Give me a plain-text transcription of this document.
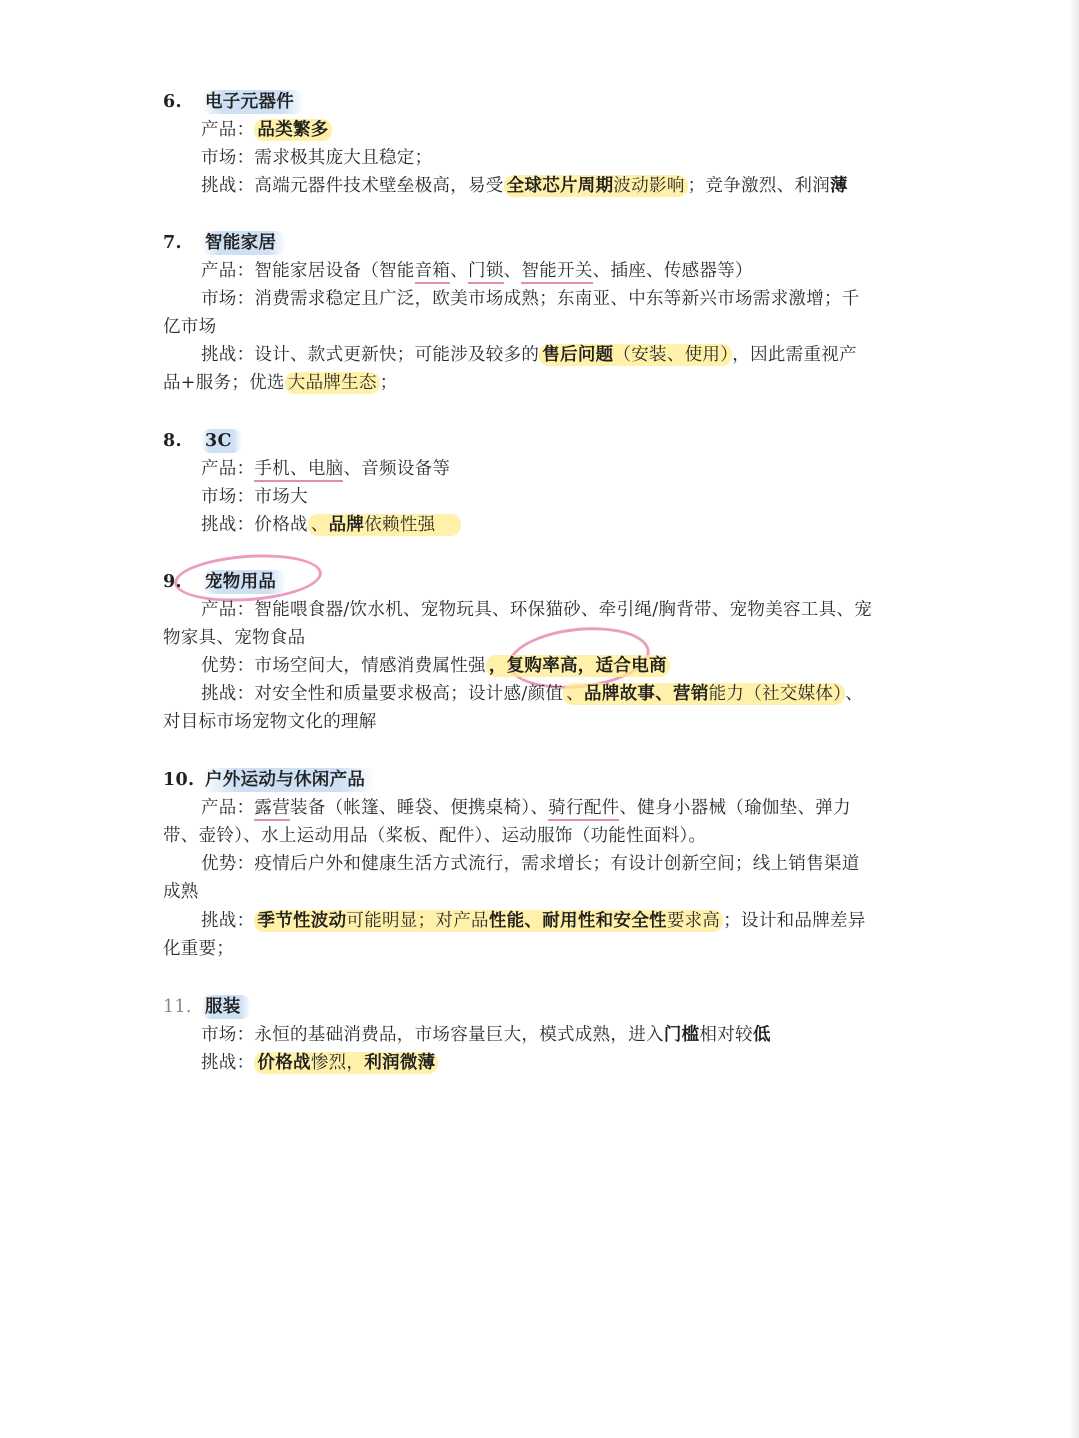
6. 电子元器件
产品： 品类繁多
市场：需求极其庞大且稳定；
挑战：高端元器件技术壁垒极高，易受 全球芯片周期波动影响 ；竞争激烈、利润薄
7. 智能家居
产品：智能家居设备（智能音箱、门锁、智能开关、插座、传感器等）
市场：消费需求稳定且广泛，欧美市场成熟；东南亚、中东等新兴市场需求激增；千
亿市场
挑战：设计、款式更新快；可能涉及较多的 售后问题（安装、使用） ，因此需重视产
品+服务；优选 大品牌生态 ；
8. 3C
产品：手机、电脑、音频设备等
市场：市场大
挑战：价格战 、品牌依赖性强
9. 宠物用品
产品：智能喂食器/饮水机、宠物玩具、环保猫砂、牵引绳/胸背带、宠物美容工具、宠
物家具、宠物食品
优势：市场空间大，情感消费属性强 ，复购率高，适合电商
挑战：对安全性和质量要求极高；设计感/颜值 、品牌故事、营销能力（社交媒体） 、
对目标市场宠物文化的理解
10. 户外运动与休闲产品
产品：露营装备（帐篷、睡袋、便携桌椅）、骑行配件、健身小器械（瑜伽垫、弹力
带、壶铃）、水上运动用品（桨板、配件）、运动服饰（功能性面料）。
优势：疫情后户外和健康生活方式流行，需求增长；有设计创新空间；线上销售渠道
成熟
挑战： 季节性波动可能明显；对产品性能、耐用性和安全性要求高 ；设计和品牌差异
化重要；
11. 服装
市场：永恒的基础消费品，市场容量巨大，模式成熟，进入门槛相对较低
挑战： 价格战惨烈，利润微薄
